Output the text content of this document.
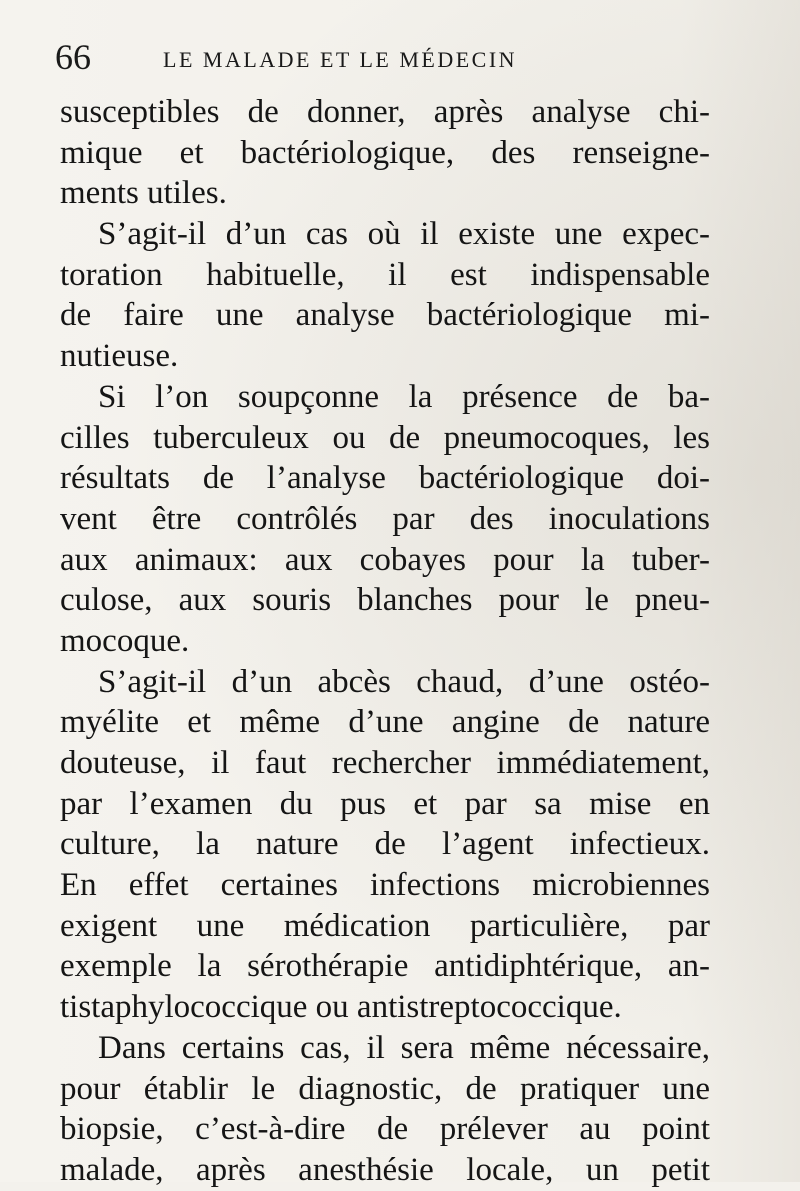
66	LE MALADE ET LE MÉDECIN
susceptibles de donner, après analyse chi-
mique et bactériologique, des renseigne-
ments utiles.
S’agit-il d’un cas où il existe une expec-
toration habituelle, il est indispensable
de faire une analyse bactériologique mi-
nutieuse.
Si l’on soupçonne la présence de ba-
cilles tuberculeux ou de pneumocoques, les
résultats de l’analyse bactériologique doi-
vent être contrôlés par des inoculations
aux animaux: aux cobayes pour la tuber-
culose, aux souris blanches pour le pneu-
mocoque.
S’agit-il d’un abcès chaud, d’une ostéo-
myélite et même d’une angine de nature
douteuse, il faut rechercher immédiatement,
par l’examen du pus et par sa mise en
culture, la nature de l’agent infectieux.
En effet certaines infections microbiennes
exigent une médication particulière, par
exemple la sérothérapie antidiphtérique, an-
tistaphylococcique ou antistreptococcique.
Dans certains cas, il sera même nécessaire,
pour établir le diagnostic, de pratiquer une
biopsie, c’est-à-dire de prélever au point
malade, après anesthésie locale, un petit
